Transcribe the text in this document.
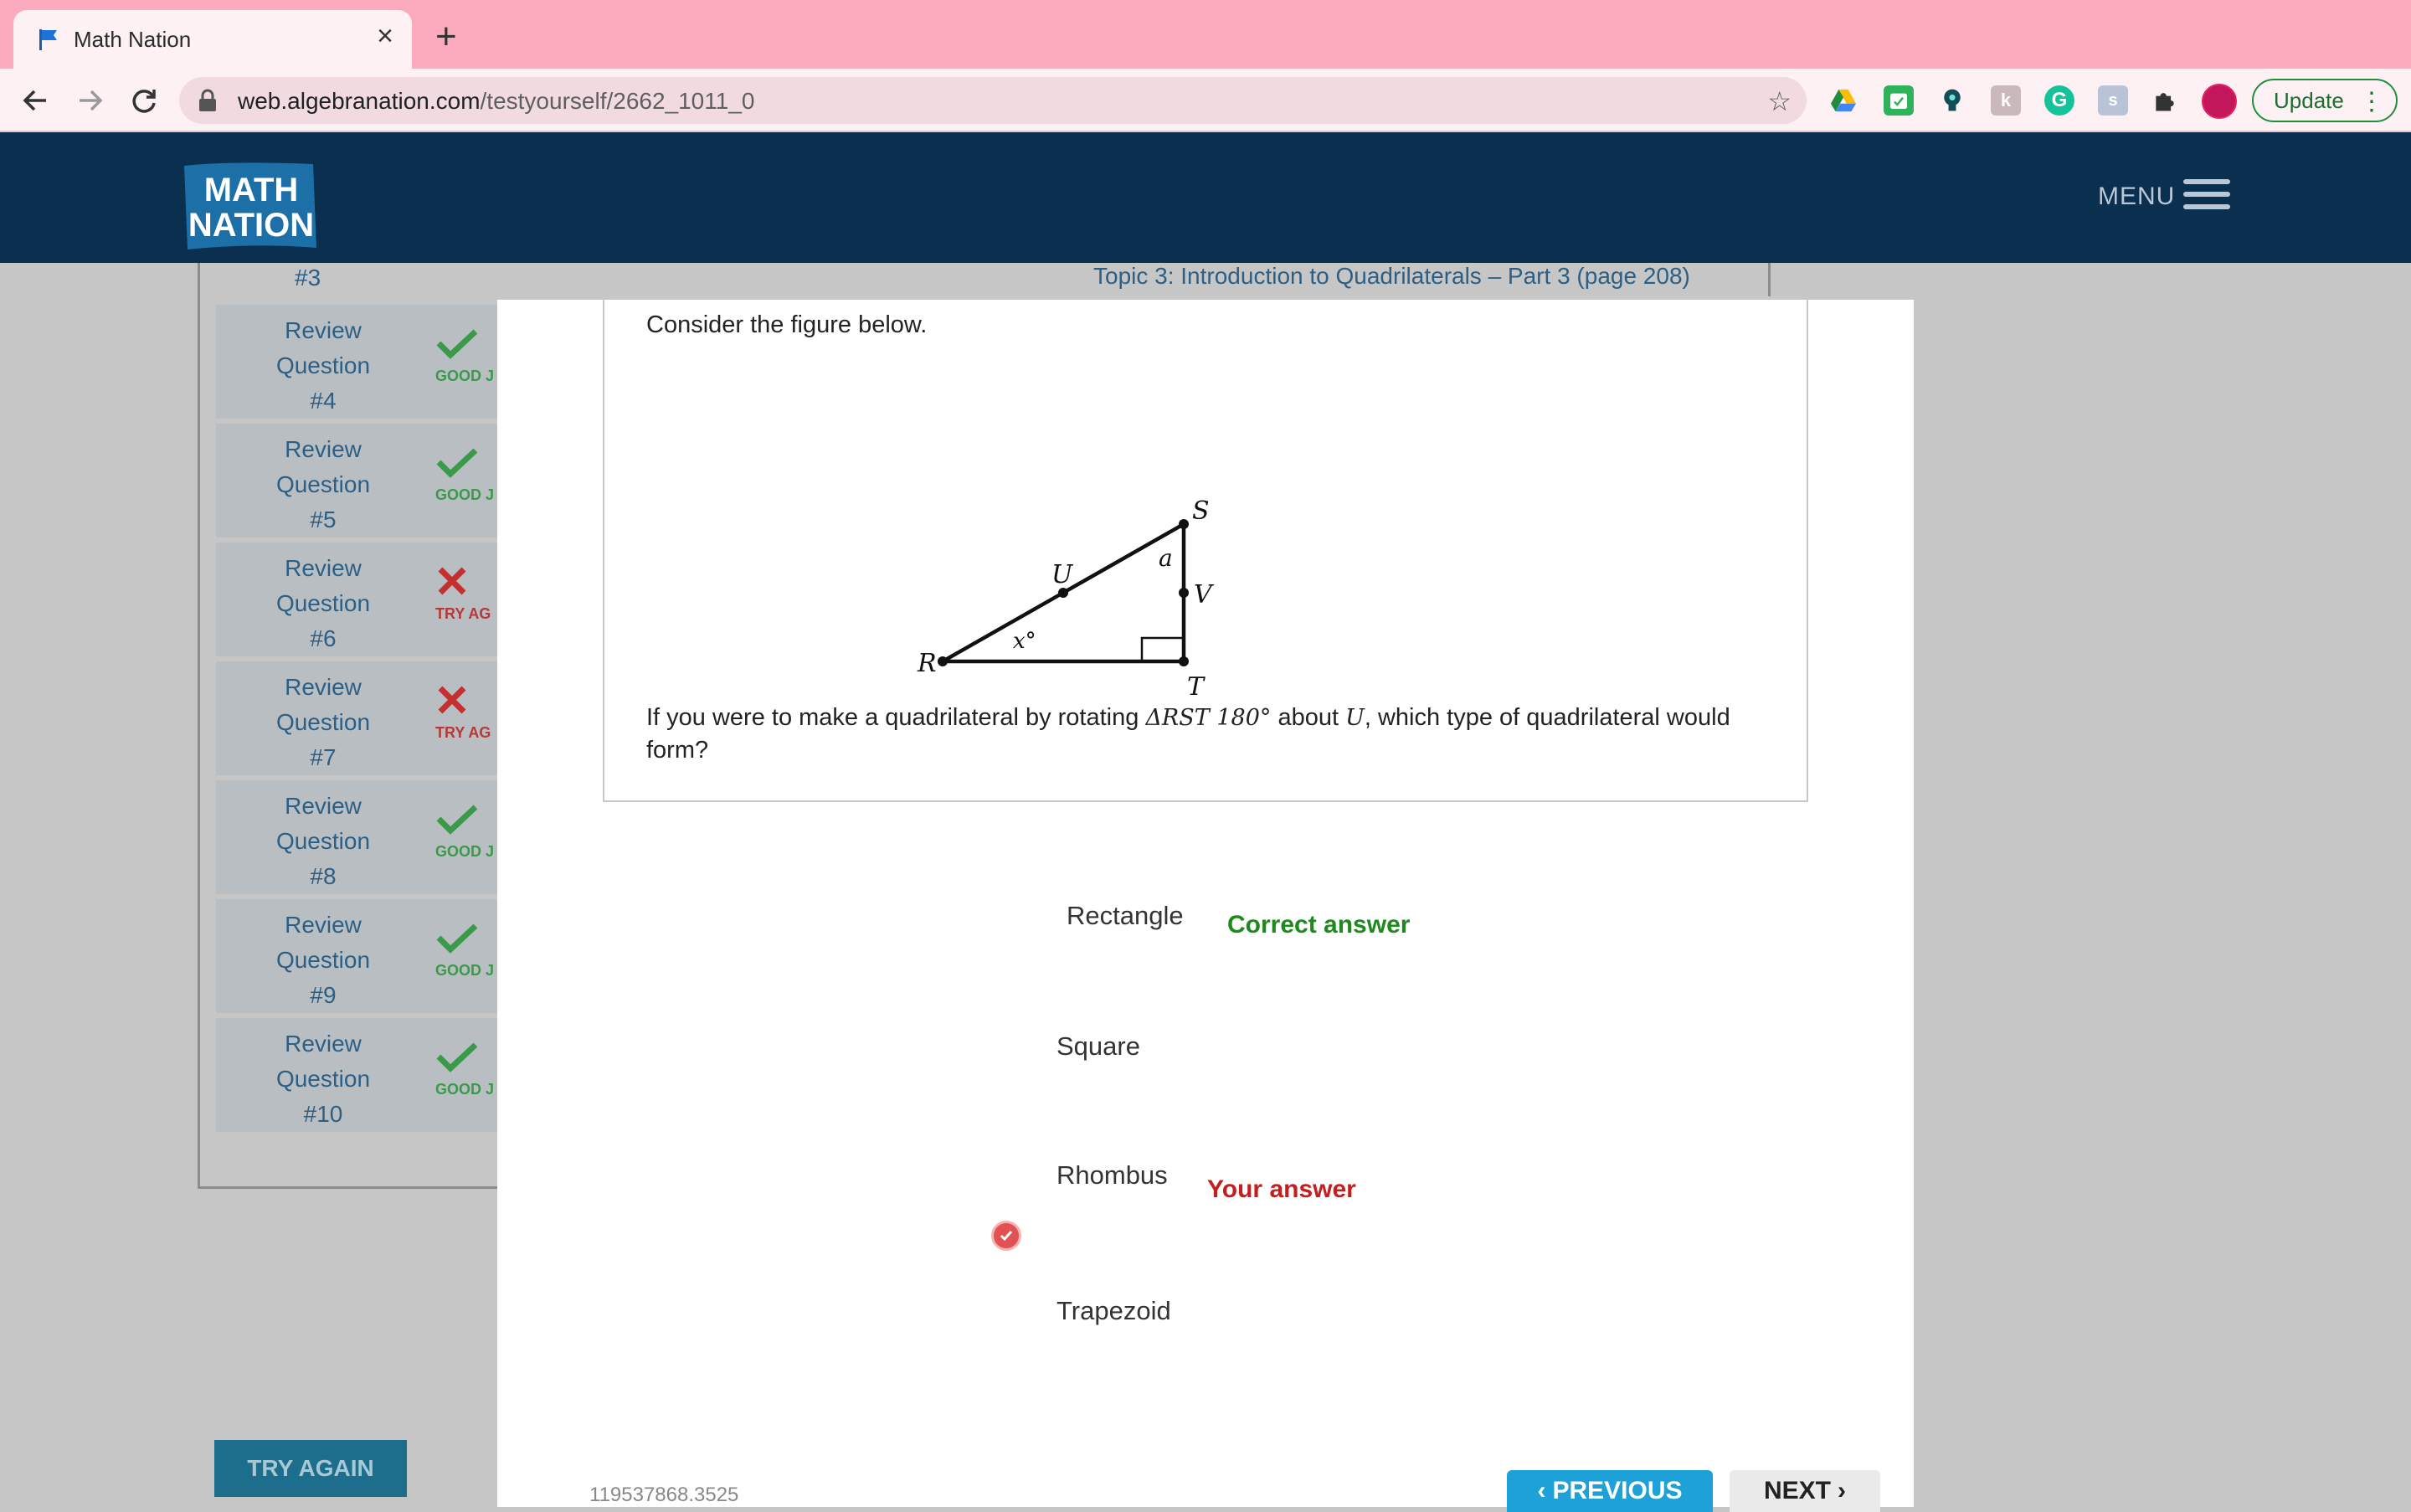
Math Nation	× +
web.algebranation.com/testyourself/2662_1011_0	☆	k G s	Update ⋮
MATH
NATION
MENU
Topic 3: Introduction to Quadrilaterals – Part 3 (page 208)
#3
Review
Question
#4
GOOD J
Review
Question
#5
GOOD J
Review
Question
#6
TRY AG
Review
Question
#7
TRY AG
Review
Question
#8
GOOD J
Review
Question
#9
GOOD J
Review
Question
#10
GOOD J
TRY AGAIN
Consider the figure below.
S
U
V
R
T
a
x°
If you were to make a quadrilateral by rotating ΔRST 180° about U, which type of quadrilateral would form?
Rectangle Correct answer
Square
Rhombus Your answer
Trapezoid
119537868.3525	‹ PREVIOUS	NEXT ›
